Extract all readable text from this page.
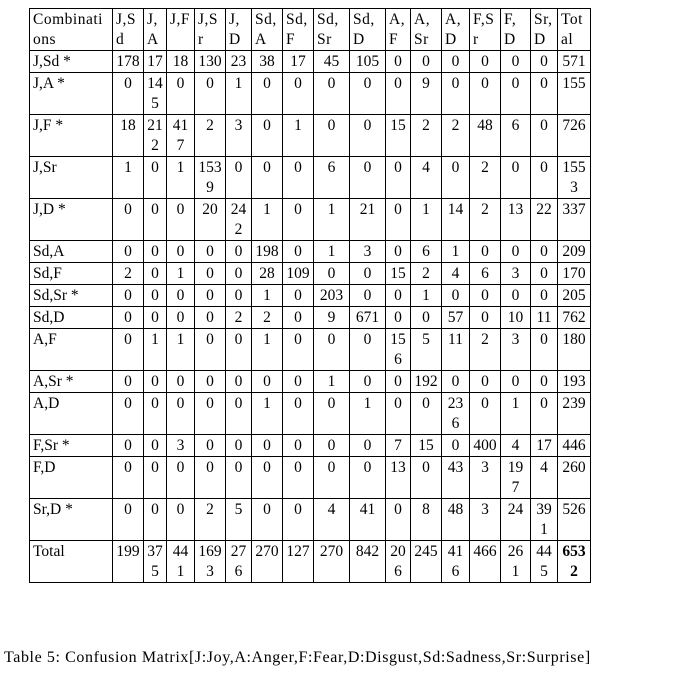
Combinations	J,Sd	J,A	J,F	J,Sr	J,D	Sd,A	Sd,F	Sd,Sr	Sd,D	A,F	A,Sr	A,D	F,Sr	F,D	Sr,D	Total
J,Sd *	178	17	18	130	23	38	17	45	105	0	0	0	0	0	0	571
J,A *	0	145	0	0	1	0	0	0	0	0	9	0	0	0	0	155
J,F *	18	212	417	2	3	0	1	0	0	15	2	2	48	6	0	726
J,Sr	1	0	1	1539	0	0	0	6	0	0	4	0	2	0	0	1553
J,D *	0	0	0	20	242	1	0	1	21	0	1	14	2	13	22	337
Sd,A	0	0	0	0	0	198	0	1	3	0	6	1	0	0	0	209
Sd,F	2	0	1	0	0	28	109	0	0	15	2	4	6	3	0	170
Sd,Sr *	0	0	0	0	0	1	0	203	0	0	1	0	0	0	0	205
Sd,D	0	0	0	0	2	2	0	9	671	0	0	57	0	10	11	762
A,F	0	1	1	0	0	1	0	0	0	156	5	11	2	3	0	180
A,Sr *	0	0	0	0	0	0	0	1	0	0	192	0	0	0	0	193
A,D	0	0	0	0	0	1	0	0	1	0	0	236	0	1	0	239
F,Sr *	0	0	3	0	0	0	0	0	0	7	15	0	400	4	17	446
F,D	0	0	0	0	0	0	0	0	0	13	0	43	3	197	4	260
Sr,D *	0	0	0	2	5	0	0	4	41	0	8	48	3	24	391	526
Total	199	375	441	1693	276	270	127	270	842	206	245	416	466	261	445	6532
Table 5: Confusion Matrix[J:Joy,A:Anger,F:Fear,D:Disgust,Sd:Sadness,Sr:Surprise]
